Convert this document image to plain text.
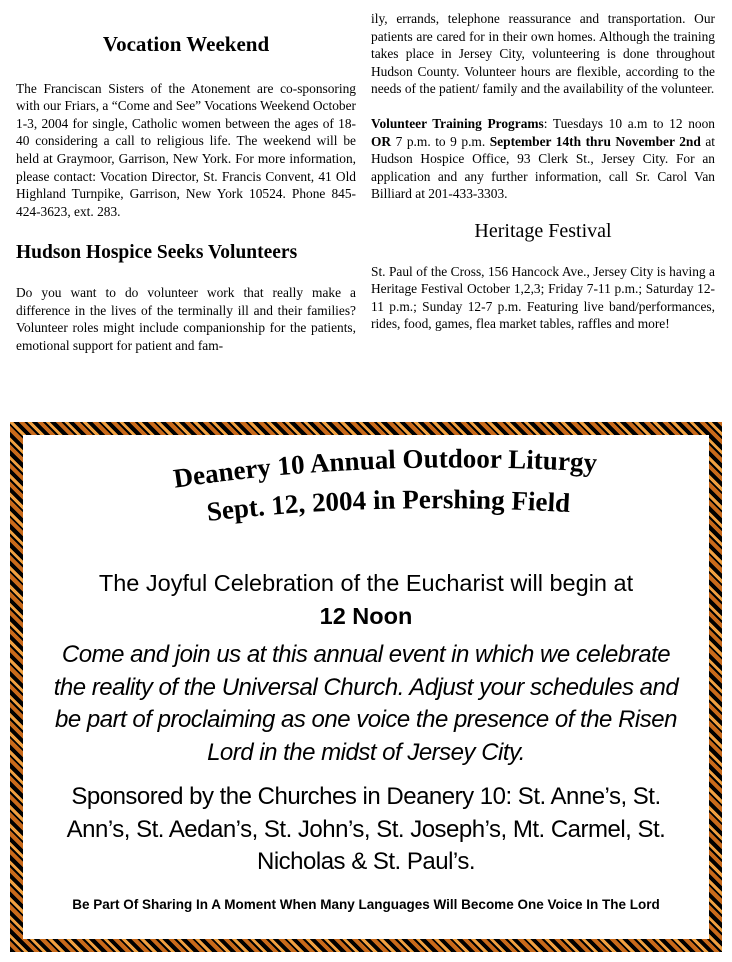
Vocation Weekend

The Franciscan Sisters of the Atonement are co-sponsoring with our Friars, a “Come and See” Vocations Weekend October 1-3, 2004 for single, Catholic women between the ages of 18-40 considering a call to religious life. The weekend will be held at Graymoor, Garrison, New York. For more information, please contact: Vocation Director, St. Francis Convent, 41 Old Highland Turnpike, Garrison, New York 10524. Phone 845-424-3623, ext. 283.

Hudson Hospice Seeks Volunteers

Do you want to do volunteer work that really make a difference in the lives of the terminally ill and their families? Volunteer roles might include companionship for the patients, emotional support for patient and fam-

ily, errands, telephone reassurance and transportation. Our patients are cared for in their own homes. Although the training takes place in Jersey City, volunteering is done throughout Hudson County. Volunteer hours are flexible, according to the needs of the patient/ family and the availability of the volunteer.

Volunteer Training Programs: Tuesdays 10 a.m to 12 noon OR 7 p.m. to 9 p.m. September 14th thru November 2nd at Hudson Hospice Office, 93 Clerk St., Jersey City. For an application and any further information, call Sr. Carol Van Billiard at 201-433-3303.

Heritage Festival

St. Paul of the Cross, 156 Hancock Ave., Jersey City is having a Heritage Festival October 1,2,3; Friday 7-11 p.m.; Saturday 12-11 p.m.; Sunday 12-7 p.m. Featuring live band/performances, rides, food, games, flea market tables, raffles and more!

Deanery 10 Annual Outdoor Liturgy
Sept. 12, 2004 in Pershing Field
The Joyful Celebration of the Eucharist will begin at
12 Noon
Come and join us at this annual event in which we celebrate the reality of the Universal Church. Adjust your schedules and be part of proclaiming as one voice the presence of the Risen Lord in the midst of Jersey City.
Sponsored by the Churches in Deanery 10: St. Anne’s, St. Ann’s, St. Aedan’s, St. John’s, St. Joseph’s, Mt. Carmel, St. Nicholas & St. Paul’s.
Be Part Of Sharing In A Moment When Many Languages Will Become One Voice In The Lord
